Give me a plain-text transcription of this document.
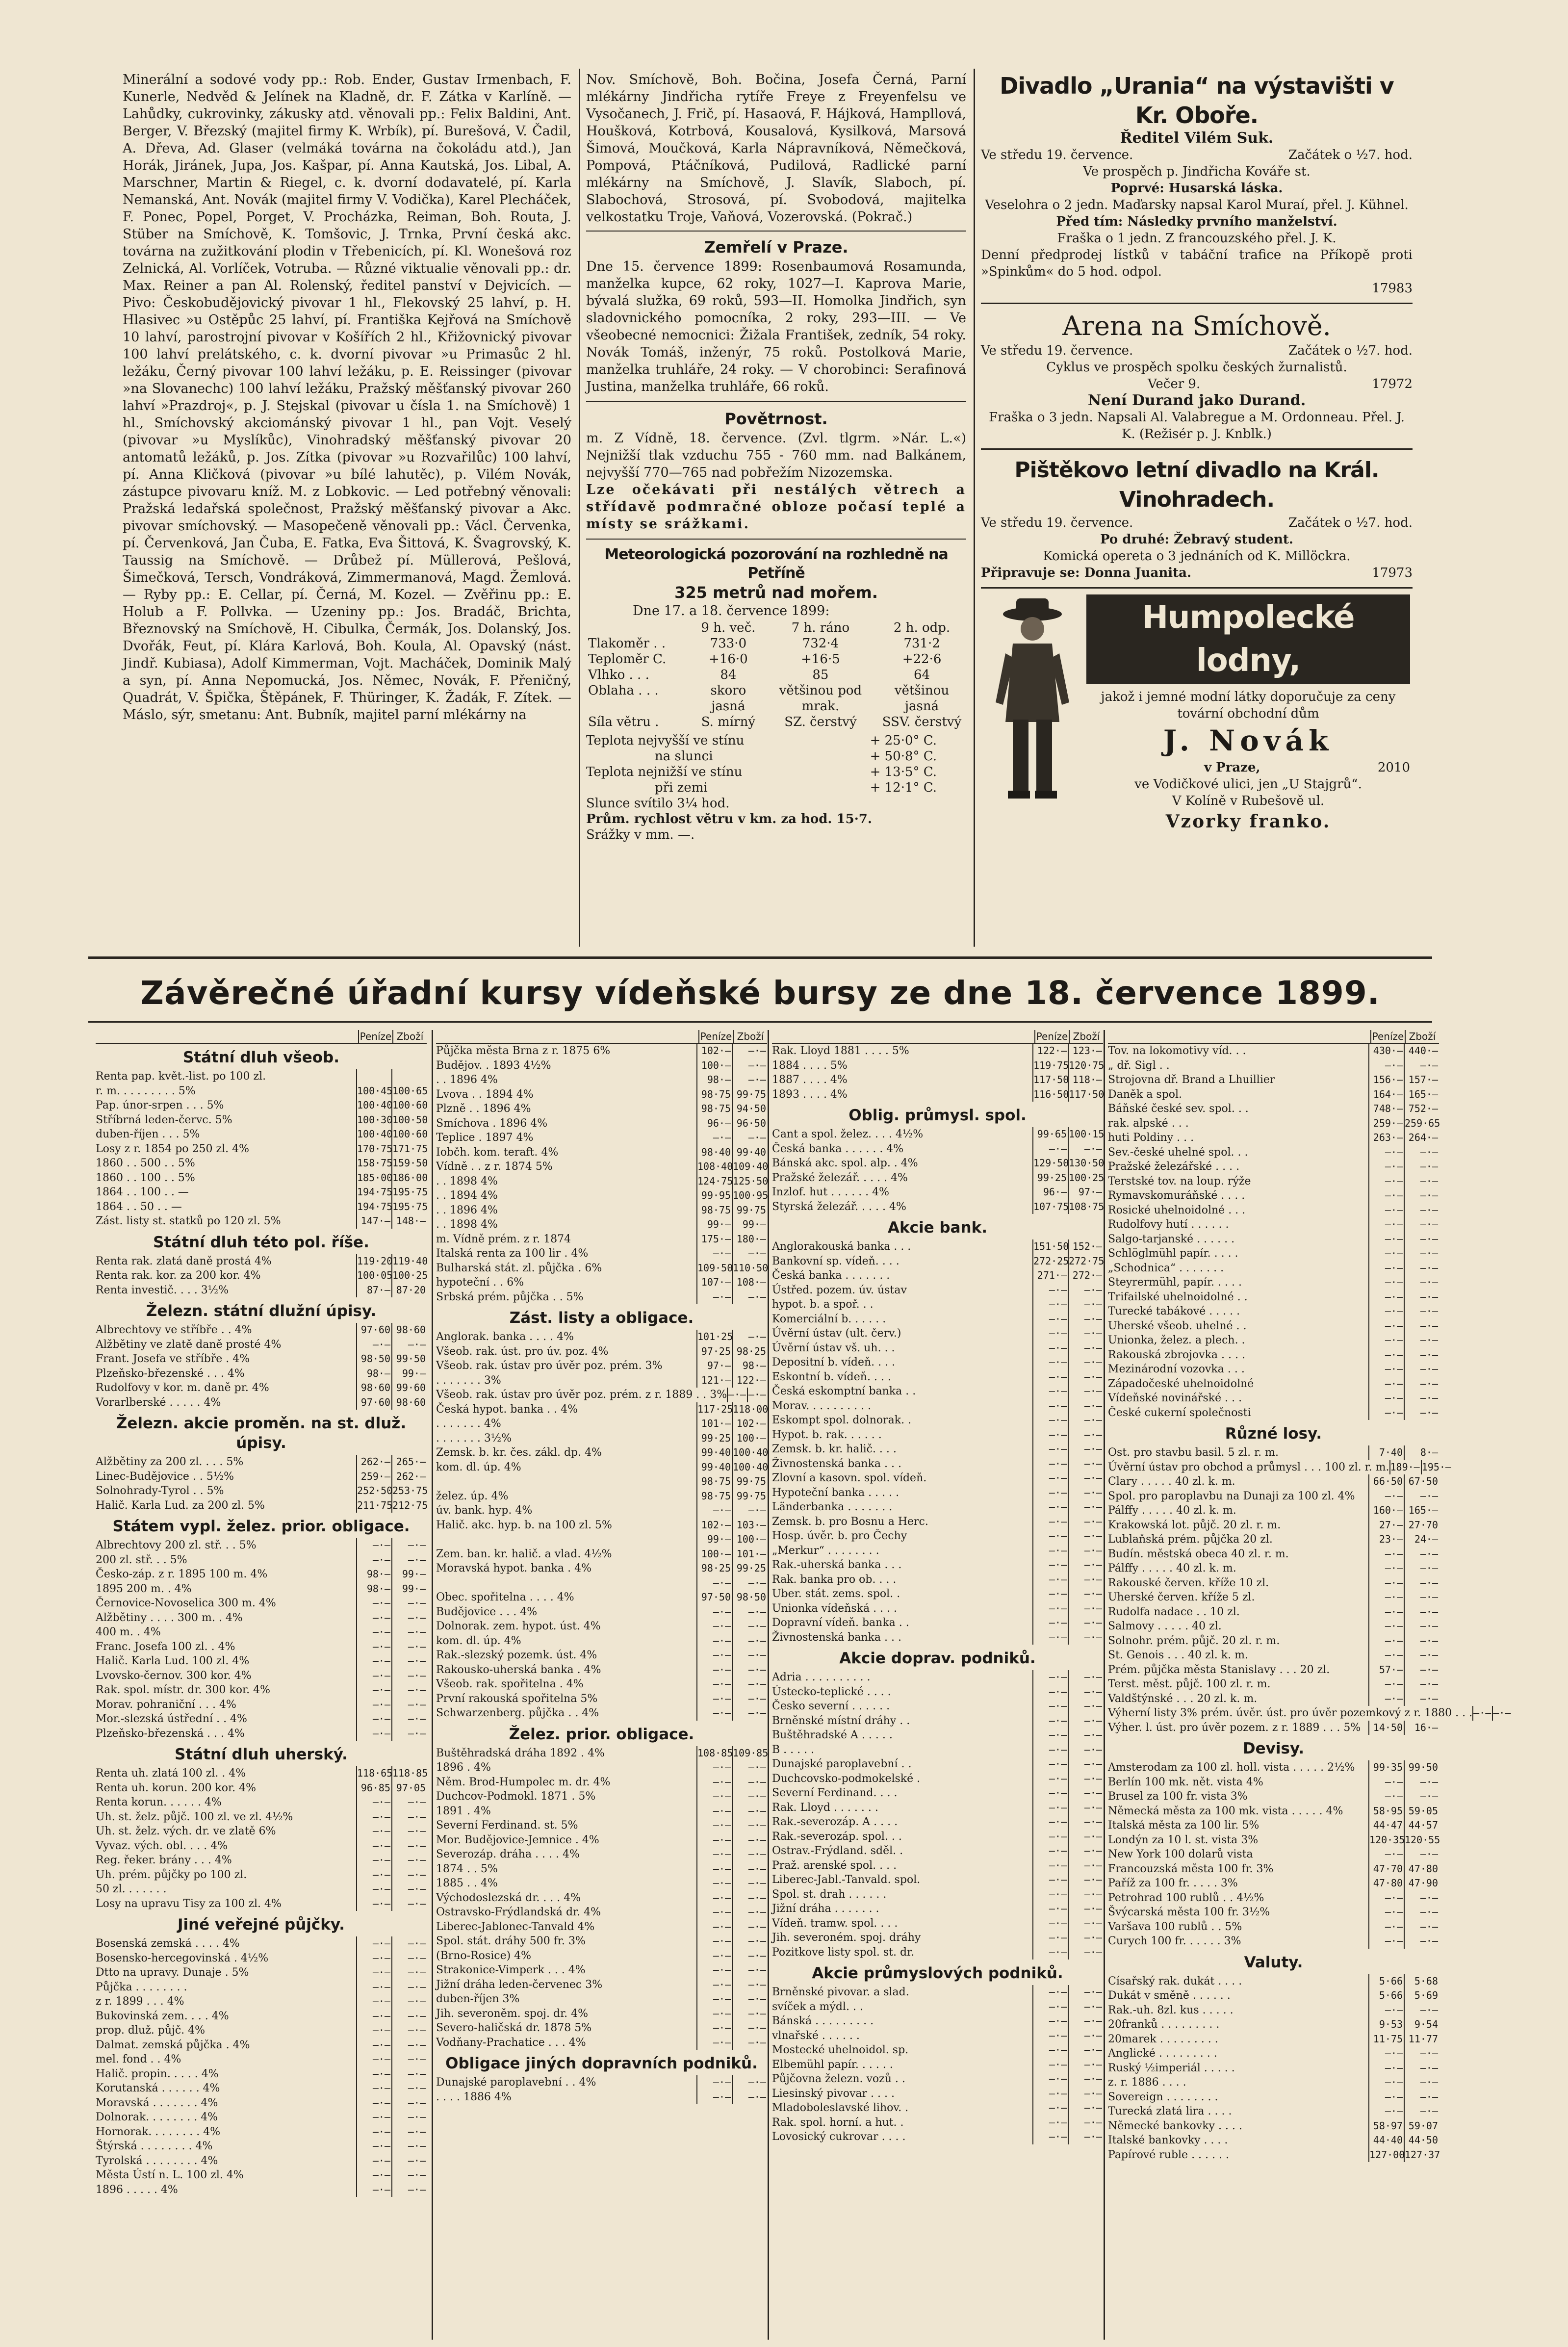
Minerální a sodové vody pp.: Rob. Ender, Gustav Irmenbach, F. Kunerle, Nedvěd & Jelínek na Kladně, dr. F. Zátka v Karlíně. — Lahůdky, cukrovinky, zákusky atd. věnovali pp.: Felix Baldini, Ant. Berger, V. Březský (majitel firmy K. Wrbík), pí. Burešová, V. Čadil, A. Dřeva, Ad. Glaser (velmáká továrna na čokoládu atd.), Jan Horák, Jiránek, Jupa, Jos. Kašpar, pí. Anna Kautská, Jos. Libal, A. Marschner, Martin & Riegel, c. k. dvorní dodavatelé, pí. Karla Nemanská, Ant. Novák (majitel firmy V. Vodička), Karel Plecháček, F. Ponec, Popel, Porget, V. Procházka, Reiman, Boh. Routa, J. Stüber na Smíchově, K. Tomšovic, J. Trnka, První česká akc. továrna na zužitkování plodin v Třebenicích, pí. Kl. Wonešová roz Zelnická, Al. Vorlíček, Votruba. — Různé viktualie věnovali pp.: dr. Max. Reiner a pan Al. Rolenský, ředitel panství v Dejvicích. — Pivo: Českobudějovický pivovar 1 hl., Flekovský 25 lahví, p. H. Hlasivec »u Ostěpůc 25 lahví, pí. Františka Kejřová na Smíchově 10 lahví, parostrojní pivovar v Košířích 2 hl., Křižovnický pivovar 100 lahví prelátského, c. k. dvorní pivovar »u Primasůc 2 hl. ležáku, Černý pivovar 100 lahví ležáku, p. E. Reissinger (pivovar »na Slovanechc) 100 lahví ležáku, Pražský měšťanský pivovar 260 lahví »Prazdroj«, p. J. Stejskal (pivovar u čísla 1. na Smíchově) 1 hl., Smíchovský akciománský pivovar 1 hl., pan Vojt. Veselý (pivovar »u Myslíkůc), Vinohradský měšťanský pivovar 20 antomatů ležáků, p. Jos. Zítka (pivovar »u Rozvařilůc) 100 lahví, pí. Anna Kličková (pivovar »u bílé lahutěc), p. Vilém Novák, zástupce pivovaru kníž. M. z Lobkovic. — Led potřebný věnovali: Pražská ledařská společnost, Pražský měšťanský pivovar a Akc. pivovar smíchovský. — Masopečeně věnovali pp.: Václ. Červenka, pí. Červenková, Jan Čuba, E. Fatka, Eva Šittová, K. Švagrovský, K. Taussig na Smíchově. — Drůbež pí. Müllerová, Pešlová, Šimečková, Tersch, Vondráková, Zimmermanová, Magd. Žemlová. — Ryby pp.: E. Cellar, pí. Černá, M. Kozel. — Zvěřinu pp.: E. Holub a F. Pollvka. — Uzeniny pp.: Jos. Bradáč, Brichta, Březnovský na Smíchově, H. Cibulka, Čermák, Jos. Dolanský, Jos. Dvořák, Feut, pí. Klára Karlová, Boh. Koula, Al. Opavský (nást. Jindř. Kubiasa), Adolf Kimmerman, Vojt. Macháček, Dominik Malý a syn, pí. Anna Nepomucká, Jos. Němec, Novák, F. Přeničný, Quadrát, V. Špička, Štěpánek, F. Thüringer, K. Žadák, F. Zítek. — Máslo, sýr, smetanu: Ant. Bubník, majitel parní mlékárny na
Nov. Smíchově, Boh. Bočina, Josefa Černá, Parní mlékárny Jindřicha rytíře Freye z Freyenfelsu ve Vysočanech, J. Frič, pí. Hasaová, F. Hájková, Hampllová, Houšková, Kotrbová, Kousalová, Kysilková, Marsová Šimová, Moučková, Karla Nápravníková, Němečková, Pompová, Ptáčníková, Pudilová, Radlické parní mlékárny na Smíchově, J. Slavík, Slaboch, pí. Slabochová, Strosová, pí. Svobodová, majitelka velkostatku Troje, Vaňová, Vozerovská. (Pokrač.)
Zemřelí v Praze.
Dne 15. července 1899: Rosenbaumová Rosamunda, manželka kupce, 62 roky, 1027—I. Kaprova Marie, bývalá služka, 69 roků, 593—II. Homolka Jindřich, syn sladovnického pomocníka, 2 roky, 293—III. — Ve všeobecné nemocnici: Žižala František, zedník, 54 roky. Novák Tomáš, inženýr, 75 roků. Postolková Marie, manželka truhláře, 24 roky. — V chorobinci: Serafinová Justina, manželka truhláře, 66 roků.
Povětrnost.
m. Z Vídně, 18. července. (Zvl. tlgrm. »Nár. L.«) Nejnižší tlak vzduchu 755 - 760 mm. nad Balkánem, nejvyšší 770—765 nad pobřežím Nizozemska.
Lze očekávati při nestálých větrech a střídavě podmračné obloze počasí teplé a místy se srážkami.
Meteorologická pozorování na rozhledně na Petříně
325 metrů nad mořem.
Dne 17. a 18. července 1899:
	9 h. več.	7 h. ráno	2 h. odp.
Tlakoměr . .	733·0	732·4	731·2
Teploměr C.	+16·0	+16·5	+22·6
Vlhko . . .	84	85	64
Oblaha . . .	skoro jasná	většinou pod mrak.	většinou jasná
Síla větru .	S. mírný	SZ. čerstvý	SSV. čerstvý
Teplota nejvyšší ve stínu	+ 25·0° C.
na slunci	+ 50·8° C.
Teplota nejnižší ve stínu	+ 13·5° C.
při zemi	+ 12·1° C.
Slunce svítilo 3¼ hod.
Prům. rychlost větru v km. za hod. 15·7.
Srážky v mm. —.
Divadlo „Urania“ na výstavišti v Kr. Oboře.
Ředitel Vilém Suk.
Ve středu 19. července.	Začátek o ½7. hod.
Ve prospěch p. Jindřicha Kováře st.
Poprvé: Husarská láska.
Veselohra o 2 jedn. Maďarsky napsal Karol Muraí, přel. J. Kühnel.
Před tím: Následky prvního manželství.
Fraška o 1 jedn. Z francouzského přel. J. K.
Denní předprodej lístků v tabáční trafice na Příkopě proti »Spinkům« do 5 hod. odpol.
17983
Arena na Smíchově.
Ve středu 19. července.	Začátek o ½7. hod.
Cyklus ve prospěch spolku českých žurnalistů.
Večer 9.	17972
Není Durand jako Durand.
Fraška o 3 jedn. Napsali Al. Valabregue a M. Ordonneau. Přel. J. K. (Režisér p. J. Knblk.)
Pištěkovo letní divadlo na Král. Vinohradech.
Ve středu 19. července.	Začátek o ½7. hod.
Po druhé: Žebravý student.
Komická opereta o 3 jednáních od K. Millöckra.
Připravuje se: Donna Juanita.	17973
Humpolecké lodny,
jakož i jemné modní látky doporučuje za ceny tovární obchodní dům
J. Novák
v Praze,	2010
ve Vodičkové ulici, jen „U Stajgrů“.
V Kolíně v Rubešově ul.
Vzorky franko.
Závěrečné úřadní kursy vídeňské bursy ze dne 18. července 1899.
Peníze Zboží
Státní dluh všeob.
Renta pap. květ.-list. po 100 zl.
r. m. . . . . . . . . 5%	100·45 100·65
Pap. únor-srpen . . . 5%	100·40 100·60
Stříbrná leden-červc. 5%	100·30 100·50
duben-říjen . . . 5%	100·40 100·60
Losy z r. 1854 po 250 zl. 4%	170·75 171·75
1860 . . 500 . . 5%	158·75 159·50
1860 . . 100 . . 5%	185·00 186·00
1864 . . 100 . . —	194·75 195·75
1864 . . 50 . . —	194·75 195·75
Zást. listy st. statků po 120 zl. 5%	147·— 148·—
Státní dluh této pol. říše.
Renta rak. zlatá daně prostá 4%	119·20 119·40
Renta rak. kor. za 200 kor. 4%	100·05 100·25
Renta investič. . . . 3½%	87·— 87·20
Železn. státní dlužní úpisy.
Albrechtovy ve stříbře . . 4%	97·60 98·60
Alžbětiny ve zlatě daně prosté 4%	—·—	—·—
Frant. Josefa ve stříbře . 4%	98·50 99·50
Plzeňsko-březenské . . . 4%	98·—	99·—
Rudolfovy v kor. m. daně pr. 4%	98·60 99·60
Vorarlberské . . . . . 4%	97·60 98·60
Železn. akcie proměn. na st. dluž. úpisy.
Alžbětiny za 200 zl. . . . 5%	262·— 265·—
Linec-Budějovice . . 5½%	259·— 262·—
Solnohrady-Tyrol . . 5%	252·50 253·75
Halič. Karla Lud. za 200 zl. 5%	211·75 212·75
Státem vypl. želez. prior. obligace.
Albrechtovy 200 zl. stř. . . 5%	—·—	—·—
200 zl. stř. . . 5%	—·—	—·—
Česko-záp. z r. 1895 100 m. 4%	98·—	99·—
1895 200 m. . 4%	98·—	99·—
Černovice-Novoselica 300 m. 4%	—·—	—·—
Alžbětiny . . . . 300 m. . 4%	—·—	—·—
400 m. . 4%	—·—	—·—
Franc. Josefa 100 zl. . 4%	—·—	—·—
Halič. Karla Lud. 100 zl. 4%	—·—	—·—
Lvovsko-černov. 300 kor. 4%	—·—	—·—
Rak. spol. místr. dr. 300 kor. 4%	—·—	—·—
Morav. pohraniční . . . 4%	—·—	—·—
Mor.-slezská ústřední . . 4%	—·—	—·—
Plzeňsko-březenská . . . 4%	—·—	—·—
Státní dluh uherský.
Renta uh. zlatá 100 zl. . 4%	118·65 118·85
Renta uh. korun. 200 kor. 4%	96·85 97·05
Renta korun. . . . . . 4%	—·—	—·—
Uh. st. želz. půjč. 100 zl. ve zl. 4½%	—·—	—·—
Uh. st. želz. vých. dr. ve zlatě 6%	—·—	—·—
Vyvaz. vých. obl. . . . 4%	—·—	—·—
Reg. řeker. brány . . . 4%	—·—	—·—
Uh. prém. půjčky po 100 zl.	—·—	—·—
50 zl. . . . . . .	—·—	—·—
Losy na upravu Tisy za 100 zl. 4%	—·—	—·—
Jiné veřejné půjčky.
Bosenská zemská . . . . 4%	—·—	—·—
Bosensko-hercegovinská . 4½%	—·—	—·—
Dtto na upravy. Dunaje . 5%	—·—	—·—
Půjčka . . . . . . . .	—·—	—·—
z r. 1899 . . . 4%	—·—	—·—
Bukovinská zem. . . . 4%	—·—	—·—
prop. dluž. půjč. 4%	—·—	—·—
Dalmat. zemská půjčka . 4%	—·—	—·—
mel. fond . . 4%	—·—	—·—
Halič. propin. . . . . 4%	—·—	—·—
Korutanská . . . . . . 4%	—·—	—·—
Moravská . . . . . . . 4%	—·—	—·—
Dolnorak. . . . . . . . 4%	—·—	—·—
Hornorak. . . . . . . . 4%	—·—	—·—
Štýrská . . . . . . . . 4%	—·—	—·—
Tyrolská . . . . . . . . 4%	—·—	—·—
Města Ústí n. L. 100 zl. 4%	—·—	—·—
1896 . . . . . 4%	—·—	—·—
Peníze Zboží
Půjčka města Brna z r. 1875 6%	102·—	—·—
Budějov. . 1893 4½%	100·—	—·—
. . 1896 4%	98·—	—·—
Lvova . . 1894 4%	98·75 99·75
Plzně . . 1896 4%	98·75 94·50
Smíchova . 1896 4%	96·— 96·50
Teplice . 1897 4%	—·—	—·—
Iobčh. kom. teraft. 4%	98·40 99·40
Vídně . . z r. 1874 5%	108·40 109·40
. . 1898 4%	124·75 125·50
. . 1894 4%	99·95 100·95
. . 1896 4%	98·75 99·75
. . 1898 4%	99·—	99·—
m. Vídně prém. z r. 1874	175·— 180·—
Italská renta za 100 lir . 4%	—·—	—·—
Bulharská stát. zl. půjčka . 6%	109·50 110·50
hypoteční . . 6%	107·— 108·—
Srbská prém. půjčka . . 5%	—·—	—·—
Zást. listy a obligace.
Anglorak. banka . . . . 4%	101·25	—·—
Všeob. rak. úst. pro úv. poz. 4%	97·25 98·25
Všeob. rak. ústav pro úvěr poz. prém. 3%	97·—	98·—
. . . . . . . 3%	121·— 122·—
Všeob. rak. ústav pro úvěr poz. prém. z r. 1889 . . 3% —·— —·—
Česká hypot. banka . . 4%	117·25 118·00
. . . . . . . 4%	101·— 102·—
. . . . . . . 3½%	99·25 100·—
Zemsk. b. kr. čes. zákl. dp. 4%	99·40 100·40
kom. dl. úp. 4%	99·40 100·40
98·75 99·75
želez. úp. 4%	98·75 99·75
úv. bank. hyp. 4%	—·—	—·—
Halič. akc. hyp. b. na 100 zl. 5%	102·— 103·—
99·— 100·—
Zem. ban. kr. halič. a vlad. 4½%	100·— 101·—
Moravská hypot. banka . 4%	98·25 99·25
—·—	—·—
Obec. spořitelna . . . . 4%	97·50 98·50
Budějovice . . . 4%	—·—	—·—
Dolnorak. zem. hypot. úst. 4%	—·—	—·—
kom. dl. úp. 4%	—·—	—·—
Rak.-slezský pozemk. úst. 4%	—·—	—·—
Rakousko-uherská banka . 4%	—·—	—·—
Všeob. rak. spořitelna . 4%	—·—	—·—
První rakouská spořitelna 5%	—·—	—·—
Schwarzenberg. půjčka . . 4%	—·—	—·—
Želez. prior. obligace.
Buštěhradská dráha 1892 . 4%	108·85 109·85
1896 . 4%	—·—	—·—
Něm. Brod-Humpolec m. dr. 4%	—·—	—·—
Duchcov-Podmokl. 1871 . 5%	—·—	—·—
1891 . 4%	—·—	—·—
Severní Ferdinand. st. 5%	—·—	—·—
Mor. Budějovice-Jemnice . 4%	—·—	—·—
Severozáp. dráha . . . . 4%	—·—	—·—
1874 . . 5%	—·—	—·—
1885 . . 4%	—·—	—·—
Východoslezská dr. . . . 4%	—·—	—·—
Ostravsko-Frýdlandská dr. 4%	—·—	—·—
Liberec-Jablonec-Tanvald 4%	—·—	—·—
Spol. stát. dráhy 500 fr. 3%	—·—	—·—
(Brno-Rosice) 4%	—·—	—·—
Strakonice-Vimperk . . . 4%	—·—	—·—
Jižní dráha leden-červenec 3%	—·—	—·—
duben-říjen 3%	—·—	—·—
Jih. severoněm. spoj. dr. 4%	—·—	—·—
Severo-haličská dr. 1878 5%	—·—	—·—
Vodňany-Prachatice . . . 4%	—·—	—·—
Obligace jiných dopravních podniků.
Dunajské paroplavební . . 4%	—·—	—·—
. . . . 1886 4%	—·—	—·—
Peníze Zboží
Rak. Lloyd 1881 . . . . 5%	122·— 123·—
1884 . . . . 5%	119·75 120·75
1887 . . . . 4%	117·50 118·—
1893 . . . . 4%	116·50 117·50
Oblig. průmysl. spol.
Cant a spol. želez. . . . 4½%	99·65 100·15
Česká banka . . . . . . 4%	—·—	—·—
Bánská akc. spol. alp. . 4%	129·50 130·50
Pražské železář. . . . . 4%	99·25 100·25
Inzlof. hut . . . . . . 4%	96·—	97·—
Styrská železář. . . . . 4%	107·75 108·75
Akcie bank.
Anglorakouská banka . . .	151·50 152·—
Bankovní sp. vídeň. . . .	272·25 272·75
Česká banka . . . . . . .	271·— 272·—
Ústřed. pozem. úv. ústav	—·—	—·—
hypot. b. a spoř. . .	—·—	—·—
Komerciální b. . . . . .	—·—	—·—
Úvěrní ústav (ult. červ.)	—·—	—·—
Úvěrní ústav vš. uh. . .	—·—	—·—
Depositní b. vídeň. . . .	—·—	—·—
Eskontní b. vídeň. . . .	—·—	—·—
Česká eskomptní banka . .	—·—	—·—
Morav. . . . . . . . . .	—·—	—·—
Eskompt spol. dolnorak. .	—·—	—·—
Hypot. b. rak. . . . . .	—·—	—·—
Zemsk. b. kr. halič. . . .	—·—	—·—
Živnostenská banka . . .	—·—	—·—
Zlovní a kasovn. spol. vídeň.	—·—	—·—
Hypoteční banka . . . . .	—·—	—·—
Länderbanka . . . . . . .	—·—	—·—
Zemsk. b. pro Bosnu a Herc.	—·—	—·—
Hosp. úvěr. b. pro Čechy	—·—	—·—
„Merkur“ . . . . . . . .	—·—	—·—
Rak.-uherská banka . . .	—·—	—·—
Rak. banka pro ob. . . .	—·—	—·—
Uber. stát. zems. spol. .	—·—	—·—
Unionka vídeňská . . . .	—·—	—·—
Dopravní vídeň. banka . .	—·—	—·—
Živnostenská banka . . .	—·—	—·—
Akcie doprav. podniků.
Adria . . . . . . . . . .	—·—	—·—
Ústecko-teplické . . . .	—·—	—·—
Česko severní . . . . . .	—·—	—·—
Brněnské místní dráhy . .	—·—	—·—
Buštěhradské A . . . . .	—·—	—·—
B . . . . .	—·—	—·—
Dunajské paroplavební . .	—·—	—·—
Duchcovsko-podmokelské .	—·—	—·—
Severní Ferdinand. . . .	—·—	—·—
Rak. Lloyd . . . . . . .	—·—	—·—
Rak.-severozáp. A . . . .	—·—	—·—
Rak.-severozáp. spol. . .	—·—	—·—
Ostrav.-Frýdland. sděl. .	—·—	—·—
Praž. arenské spol. . . .	—·—	—·—
Liberec-Jabl.-Tanvald. spol.	—·—	—·—
Spol. st. drah . . . . . .	—·—	—·—
Jižní dráha . . . . . . .	—·—	—·—
Vídeň. tramw. spol. . . .	—·—	—·—
Jih. severoném. spoj. dráhy	—·—	—·—
Pozitkove listy spol. st. dr.	—·—	—·—
Akcie průmyslových podniků.
Brněnské pivovar. a slad.	—·—	—·—
svíček a mýdl. . .	—·—	—·—
Bánská . . . . . . . . .	—·—	—·—
vlnařské . . . . . .	—·—	—·—
Mostecké uhelnoidol. sp.	—·—	—·—
Elbemühl papír. . . . . .	—·—	—·—
Půjčovna železn. vozů . .	—·—	—·—
Liesinský pivovar . . . .	—·—	—·—
Mladoboleslavské lihov. .	—·—	—·—
Rak. spol. horní. a hut. .	—·—	—·—
Lovosický cukrovar . . . .	—·—	—·—
Peníze Zboží
Tov. na lokomotivy víd. . .	430·— 440·—
„ dř. Sigl . .	—·—	—·—
Strojovna dř. Brand a Lhuillier	156·— 157·—
Daněk a spol.	164·— 165·—
Báňské české sev. spol. . .	748·— 752·—
rak. alpské . . .	259·— 259·65
huti Poldiny . . .	263·— 264·—
Sev.-české uhelné spol. . .	—·—	—·—
Pražské železářské . . . .	—·—	—·—
Terstské tov. na loup. rýže	—·—	—·—
Rymavskomuráňské . . . .	—·—	—·—
Rosické uhelnoidolné . . .	—·—	—·—
Rudolfovy hutí . . . . . .	—·—	—·—
Salgo-tarjanské . . . . . .	—·—	—·—
Schlöglmühl papír. . . . .	—·—	—·—
„Schodnica“ . . . . . . .	—·—	—·—
Steyrermühl, papír. . . . .	—·—	—·—
Trifailské uhelnoidolné . .	—·—	—·—
Turecké tabákové . . . . .	—·—	—·—
Uherské všeob. uhelné . .	—·—	—·—
Unionka, želez. a plech. .	—·—	—·—
Rakouská zbrojovka . . . .	—·—	—·—
Mezinárodní vozovka . . .	—·—	—·—
Západočeské uhelnoidolné	—·—	—·—
Vídeňské novinářské . . .	—·—	—·—
České cukerní společnosti	—·—	—·—
Různé losy.
Ost. pro stavbu basil. 5 zl. r. m.	7·40	8·—
Úvěrní ústav pro obchod a průmysl . . . 100 zl. r. m. 189·— 195·—
Clary . . . . . 40 zl. k. m.	66·50 67·50
Spol. pro paroplavbu na Dunaji za 100 zl. 4%	—·—	—·—
Pálffy . . . . . 40 zl. k. m.	160·— 165·—
Krakowská lot. půjč. 20 zl. r. m.	27·— 27·70
Lublaňská prém. půjčka 20 zl.	23·—	24·—
Budín. městská obeca 40 zl. r. m.	—·—	—·—
Pálffy . . . . . 40 zl. k. m.	—·—	—·—
Rakouské červen. kříže 10 zl.	—·—	—·—
Uherské červen. kříže 5 zl.	—·—	—·—
Rudolfa nadace . . 10 zl.	—·—	—·—
Salmovy . . . . . 40 zl.	—·—	—·—
Solnohr. prém. půjč. 20 zl. r. m.	—·—	—·—
St. Genois . . . 40 zl. k. m.	—·—	—·—
Prém. půjčka města Stanislavy . . . 20 zl.	57·—	—·—
Terst. měst. půjč. 100 zl. r. m.	—·—	—·—
Valdštýnské . . . 20 zl. k. m.	—·—	—·—
Výherní listy 3% prém. úvěr. úst. pro úvěr pozemkový z r. 1880 . . . —·— —·—
Výher. l. úst. pro úvěr pozem. z r. 1889 . . . 5%	14·50	16·—
Devisy.
Amsterodam za 100 zl. holl. vista . . . . . 2½%	99·35 99·50
Berlín 100 mk. nět. vista 4%	—·—	—·—
Brusel za 100 fr. vista 3%	—·—	—·—
Německá města za 100 mk. vista . . . . . 4%	58·95 59·05
Italská města za 100 lir. 5%	44·47 44·57
Londýn za 10 l. st. vista 3%	120·35 120·55
New York 100 dolarů vista	—·—	—·—
Francouzská města 100 fr. 3%	47·70 47·80
Paříž za 100 fr. . . . . 3%	47·80 47·90
Petrohrad 100 rublů . . 4½%	—·—	—·—
Švýcarská města 100 fr. 3½%	—·—	—·—
Varšava 100 rublů . . 5%	—·—	—·—
Curych 100 fr. . . . . . 3%	—·—	—·—
Valuty.
Císařský rak. dukát . . . .	5·66	5·68
Dukát v směně . . . . . .	5·66	5·69
Rak.-uh. 8zl. kus . . . . .	—·—	—·—
20franků . . . . . . . . .	9·53	9·54
20marek . . . . . . . . .	11·75 11·77
Anglické . . . . . . . . .	—·—	—·—
Ruský ½imperiál . . . . .	—·—	—·—
z. r. 1886 . . . .	—·—	—·—
Sovereign . . . . . . . .	—·—	—·—
Turecká zlatá lira . . . .	—·—	—·—
Německé bankovky . . . .	58·97 59·07
Italské bankovky . . . .	44·40 44·50
Papírové ruble . . . . . .	127·00 127·37
